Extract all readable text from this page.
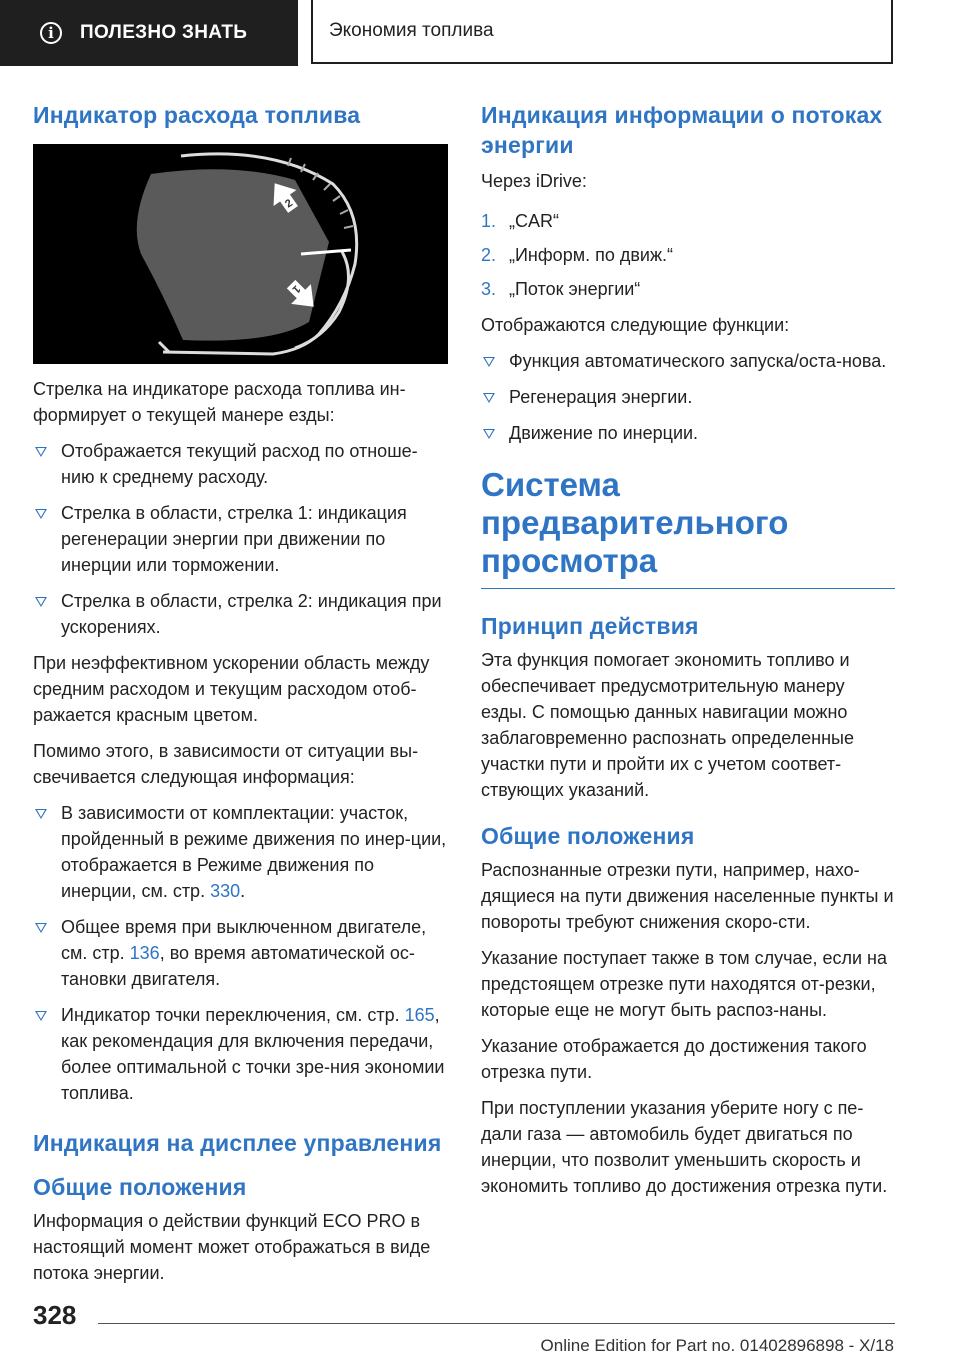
i	ПОЛЕЗНО ЗНАТЬ	Экономия топлива
Индикатор расхода топлива
2
1

Стрелка на индикаторе расхода топлива ин-формирует о текущей манере езды:

Отображается текущий расход по отноше-нию к среднему расходу.
Стрелка в области, стрелка 1: индикация регенерации энергии при движении по инерции или торможении.
Стрелка в области, стрелка 2: индикация при ускорениях.

При неэффективном ускорении область между средним расходом и текущим расходом отоб-ражается красным цветом.

Помимо этого, в зависимости от ситуации вы-свечивается следующая информация:

В зависимости от комплектации: участок, пройденный в режиме движения по инер-ции, отображается в Режиме движения по инерции, см. стр. 330.
Общее время при выключенном двигателе, см. стр. 136, во время автоматической ос-тановки двигателя.
Индикатор точки переключения, см. стр. 165, как рекомендация для включения передачи, более оптимальной с точки зре-ния экономии топлива.
Индикация на дисплее управления
Общие положения

Информация о действии функций ECO PRO в настоящий момент может отображаться в виде потока энергии.

Индикация информации о потоках энергии

Через iDrive:

1. „CAR“
2. „Информ. по движ.“
3. „Поток энергии“

Отображаются следующие функции:

Функция автоматического запуска/оста-нова.
Регенерация энергии.
Движение по инерции.
Система предварительного просмотра
Принцип действия

Эта функция помогает экономить топливо и обеспечивает предусмотрительную манеру езды. С помощью данных навигации можно заблаговременно распознать определенные участки пути и пройти их с учетом соответ-ствующих указаний.

Общие положения

Распознанные отрезки пути, например, нахо-дящиеся на пути движения населенные пункты и повороты требуют снижения скоро-сти.

Указание поступает также в том случае, если на предстоящем отрезке пути находятся от-резки, которые еще не могут быть распоз-наны.

Указание отображается до достижения такого отрезка пути.

При поступлении указания уберите ногу с пе-дали газа — автомобиль будет двигаться по инерции, что позволит уменьшить скорость и экономить топливо до достижения отрезка пути.

328
Online Edition for Part no. 01402896898 - X/18
